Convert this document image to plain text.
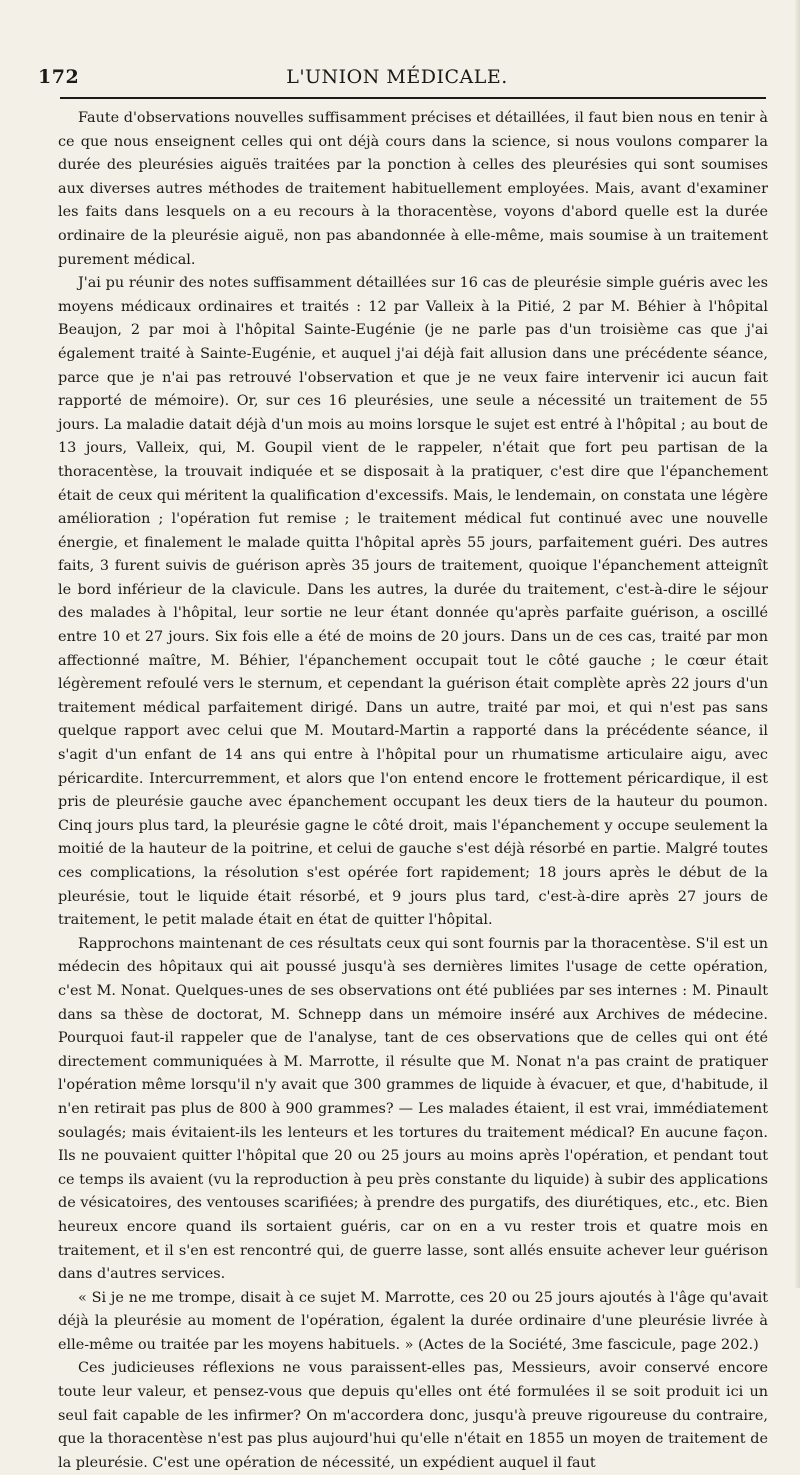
172	L'UNION MÉDICALE.

Faute d'observations nouvelles suffisamment précises et détaillées, il faut bien nous en tenir à ce que nous enseignent celles qui ont déjà cours dans la science, si nous voulons comparer la durée des pleurésies aiguës traitées par la ponction à celles des pleurésies qui sont soumises aux diverses autres méthodes de traitement habituellement employées. Mais, avant d'examiner les faits dans lesquels on a eu recours à la thoracentèse, voyons d'abord quelle est la durée ordinaire de la pleurésie aiguë, non pas abandonnée à elle-même, mais soumise à un traitement purement médical.

J'ai pu réunir des notes suffisamment détaillées sur 16 cas de pleurésie simple guéris avec les moyens médicaux ordinaires et traités : 12 par Valleix à la Pitié, 2 par M. Béhier à l'hôpital Beaujon, 2 par moi à l'hôpital Sainte-Eugénie (je ne parle pas d'un troisième cas que j'ai également traité à Sainte-Eugénie, et auquel j'ai déjà fait allusion dans une précédente séance, parce que je n'ai pas retrouvé l'observation et que je ne veux faire intervenir ici aucun fait rapporté de mémoire). Or, sur ces 16 pleurésies, une seule a nécessité un traitement de 55 jours. La maladie datait déjà d'un mois au moins lorsque le sujet est entré à l'hôpital ; au bout de 13 jours, Valleix, qui, M. Goupil vient de le rappeler, n'était que fort peu partisan de la thoracentèse, la trouvait indiquée et se disposait à la pratiquer, c'est dire que l'épanchement était de ceux qui méritent la qualification d'excessifs. Mais, le lendemain, on constata une légère amélioration ; l'opération fut remise ; le traitement médical fut continué avec une nouvelle énergie, et finalement le malade quitta l'hôpital après 55 jours, parfaitement guéri. Des autres faits, 3 furent suivis de guérison après 35 jours de traitement, quoique l'épanchement atteignît le bord inférieur de la clavicule. Dans les autres, la durée du traitement, c'est-à-dire le séjour des malades à l'hôpital, leur sortie ne leur étant donnée qu'après parfaite guérison, a oscillé entre 10 et 27 jours. Six fois elle a été de moins de 20 jours. Dans un de ces cas, traité par mon affectionné maître, M. Béhier, l'épanchement occupait tout le côté gauche ; le cœur était légèrement refoulé vers le sternum, et cependant la guérison était complète après 22 jours d'un traitement médical parfaitement dirigé. Dans un autre, traité par moi, et qui n'est pas sans quelque rapport avec celui que M. Moutard-Martin a rapporté dans la précédente séance, il s'agit d'un enfant de 14 ans qui entre à l'hôpital pour un rhumatisme articulaire aigu, avec péricardite. Intercurremment, et alors que l'on entend encore le frottement péricardique, il est pris de pleurésie gauche avec épanchement occupant les deux tiers de la hauteur du poumon. Cinq jours plus tard, la pleurésie gagne le côté droit, mais l'épanchement y occupe seulement la moitié de la hauteur de la poitrine, et celui de gauche s'est déjà résorbé en partie. Malgré toutes ces complications, la résolution s'est opérée fort rapidement; 18 jours après le début de la pleurésie, tout le liquide était résorbé, et 9 jours plus tard, c'est-à-dire après 27 jours de traitement, le petit malade était en état de quitter l'hôpital.

Rapprochons maintenant de ces résultats ceux qui sont fournis par la thoracentèse. S'il est un médecin des hôpitaux qui ait poussé jusqu'à ses dernières limites l'usage de cette opération, c'est M. Nonat. Quelques-unes de ses observations ont été publiées par ses internes : M. Pinault dans sa thèse de doctorat, M. Schnepp dans un mémoire inséré aux Archives de médecine. Pourquoi faut-il rappeler que de l'analyse, tant de ces observations que de celles qui ont été directement communiquées à M. Marrotte, il résulte que M. Nonat n'a pas craint de pratiquer l'opération même lorsqu'il n'y avait que 300 grammes de liquide à évacuer, et que, d'habitude, il n'en retirait pas plus de 800 à 900 grammes? — Les malades étaient, il est vrai, immédiatement soulagés; mais évitaient-ils les lenteurs et les tortures du traitement médical? En aucune façon. Ils ne pouvaient quitter l'hôpital que 20 ou 25 jours au moins après l'opération, et pendant tout ce temps ils avaient (vu la reproduction à peu près constante du liquide) à subir des applications de vésicatoires, des ventouses scarifiées; à prendre des purgatifs, des diurétiques, etc., etc. Bien heureux encore quand ils sortaient guéris, car on en a vu rester trois et quatre mois en traitement, et il s'en est rencontré qui, de guerre lasse, sont allés ensuite achever leur guérison dans d'autres services.

« Si je ne me trompe, disait à ce sujet M. Marrotte, ces 20 ou 25 jours ajoutés à l'âge qu'avait déjà la pleurésie au moment de l'opération, égalent la durée ordinaire d'une pleurésie livrée à elle-même ou traitée par les moyens habituels. » (Actes de la Société, 3me fascicule, page 202.)

Ces judicieuses réflexions ne vous paraissent-elles pas, Messieurs, avoir conservé encore toute leur valeur, et pensez-vous que depuis qu'elles ont été formulées il se soit produit ici un seul fait capable de les infirmer? On m'accordera donc, jusqu'à preuve rigoureuse du contraire, que la thoracentèse n'est pas plus aujourd'hui qu'elle n'était en 1855 un moyen de traitement de la pleurésie. C'est une opération de nécessité, un expédient auquel il faut
